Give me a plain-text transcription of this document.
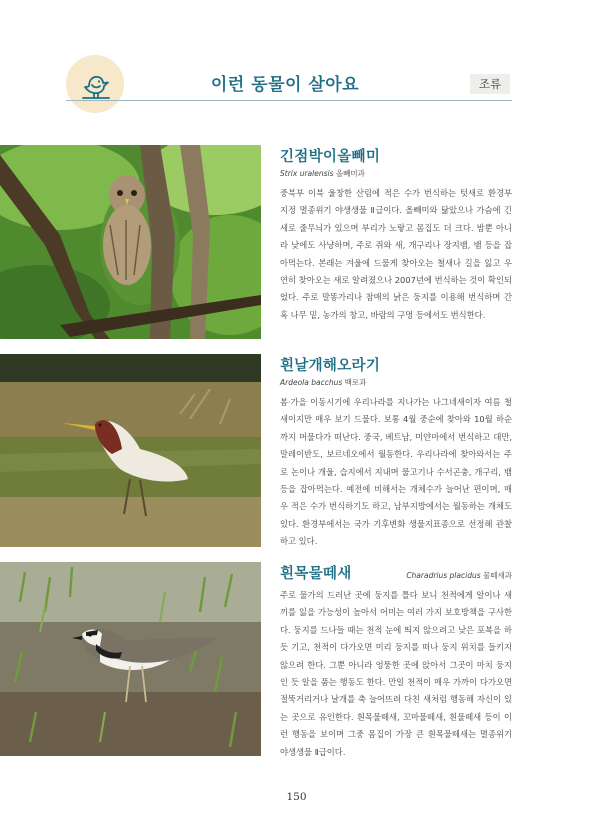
이런 동물이 살아요	조류
긴점박이올빼미
Strix uralensis 올빼미과
중북부 이북 울창한 산림에 적은 수가 번식하는 텃새로 환경부 지정 멸종위기 야생생물 Ⅱ급이다. 올빼미와 닮았으나 가슴에 긴 세로 줄무늬가 있으며 부리가 노랗고 몸집도 더 크다. 밤뿐 아니라 낮에도 사냥하며, 주로 쥐와 새, 개구리나 장지뱀, 뱀 등을 잡아먹는다. 본래는 겨울에 드물게 찾아오는 철새나 길을 잃고 우연히 찾아오는 새로 알려졌으나 2007년에 번식하는 것이 확인되었다. 주로 말똥가리나 참매의 낡은 둥지를 이용해 번식하며 간혹 나무 밑, 농가의 창고, 바람의 구멍 등에서도 번식한다.
흰날개해오라기
Ardeola bacchus 백로과
봄·가을 이동시기에 우리나라를 지나가는 나그네새이자 여름 철새이지만 매우 보기 드물다. 보통 4월 중순에 찾아와 10월 하순까지 머물다가 떠난다. 중국, 베트남, 미얀마에서 번식하고 대만, 말레이반도, 보르네오에서 월동한다. 우리나라에 찾아와서는 주로 논이나 개울, 습지에서 지내며 물고기나 수서곤충, 개구리, 뱀 등을 잡아먹는다. 예전에 비해서는 개체수가 늘어난 편이며, 매우 적은 수가 번식하기도 하고, 남부지방에서는 월동하는 개체도 있다. 환경부에서는 국가 기후변화 생물지표종으로 선정해 관찰하고 있다.
흰목물떼새	Charadrius placidus 물떼새과
주로 물가의 드러난 곳에 둥지를 틀다 보니 천적에게 알이나 새끼를 잃을 가능성이 높아서 어미는 여러 가지 보호방책을 구사한다. 둥지를 드나들 때는 천적 눈에 띄지 않으려고 낮은 포복을 하듯 기고, 천적이 다가오면 미리 둥지를 떠나 둥지 위치를 들키지 않으려 한다. 그뿐 아니라 엉뚱한 곳에 앉아서 그곳이 마치 둥지인 듯 알을 품는 행동도 한다. 만일 천적이 매우 가까이 다가오면 절뚝거리거나 날개를 축 늘어뜨려 다친 새처럼 행동해 자신이 있는 곳으로 유인한다. 흰목물떼새, 꼬마물떼새, 흰물떼새 등이 이런 행동을 보이며 그중 몸집이 가장 큰 흰목물떼새는 멸종위기 야생생물 Ⅱ급이다.
150
